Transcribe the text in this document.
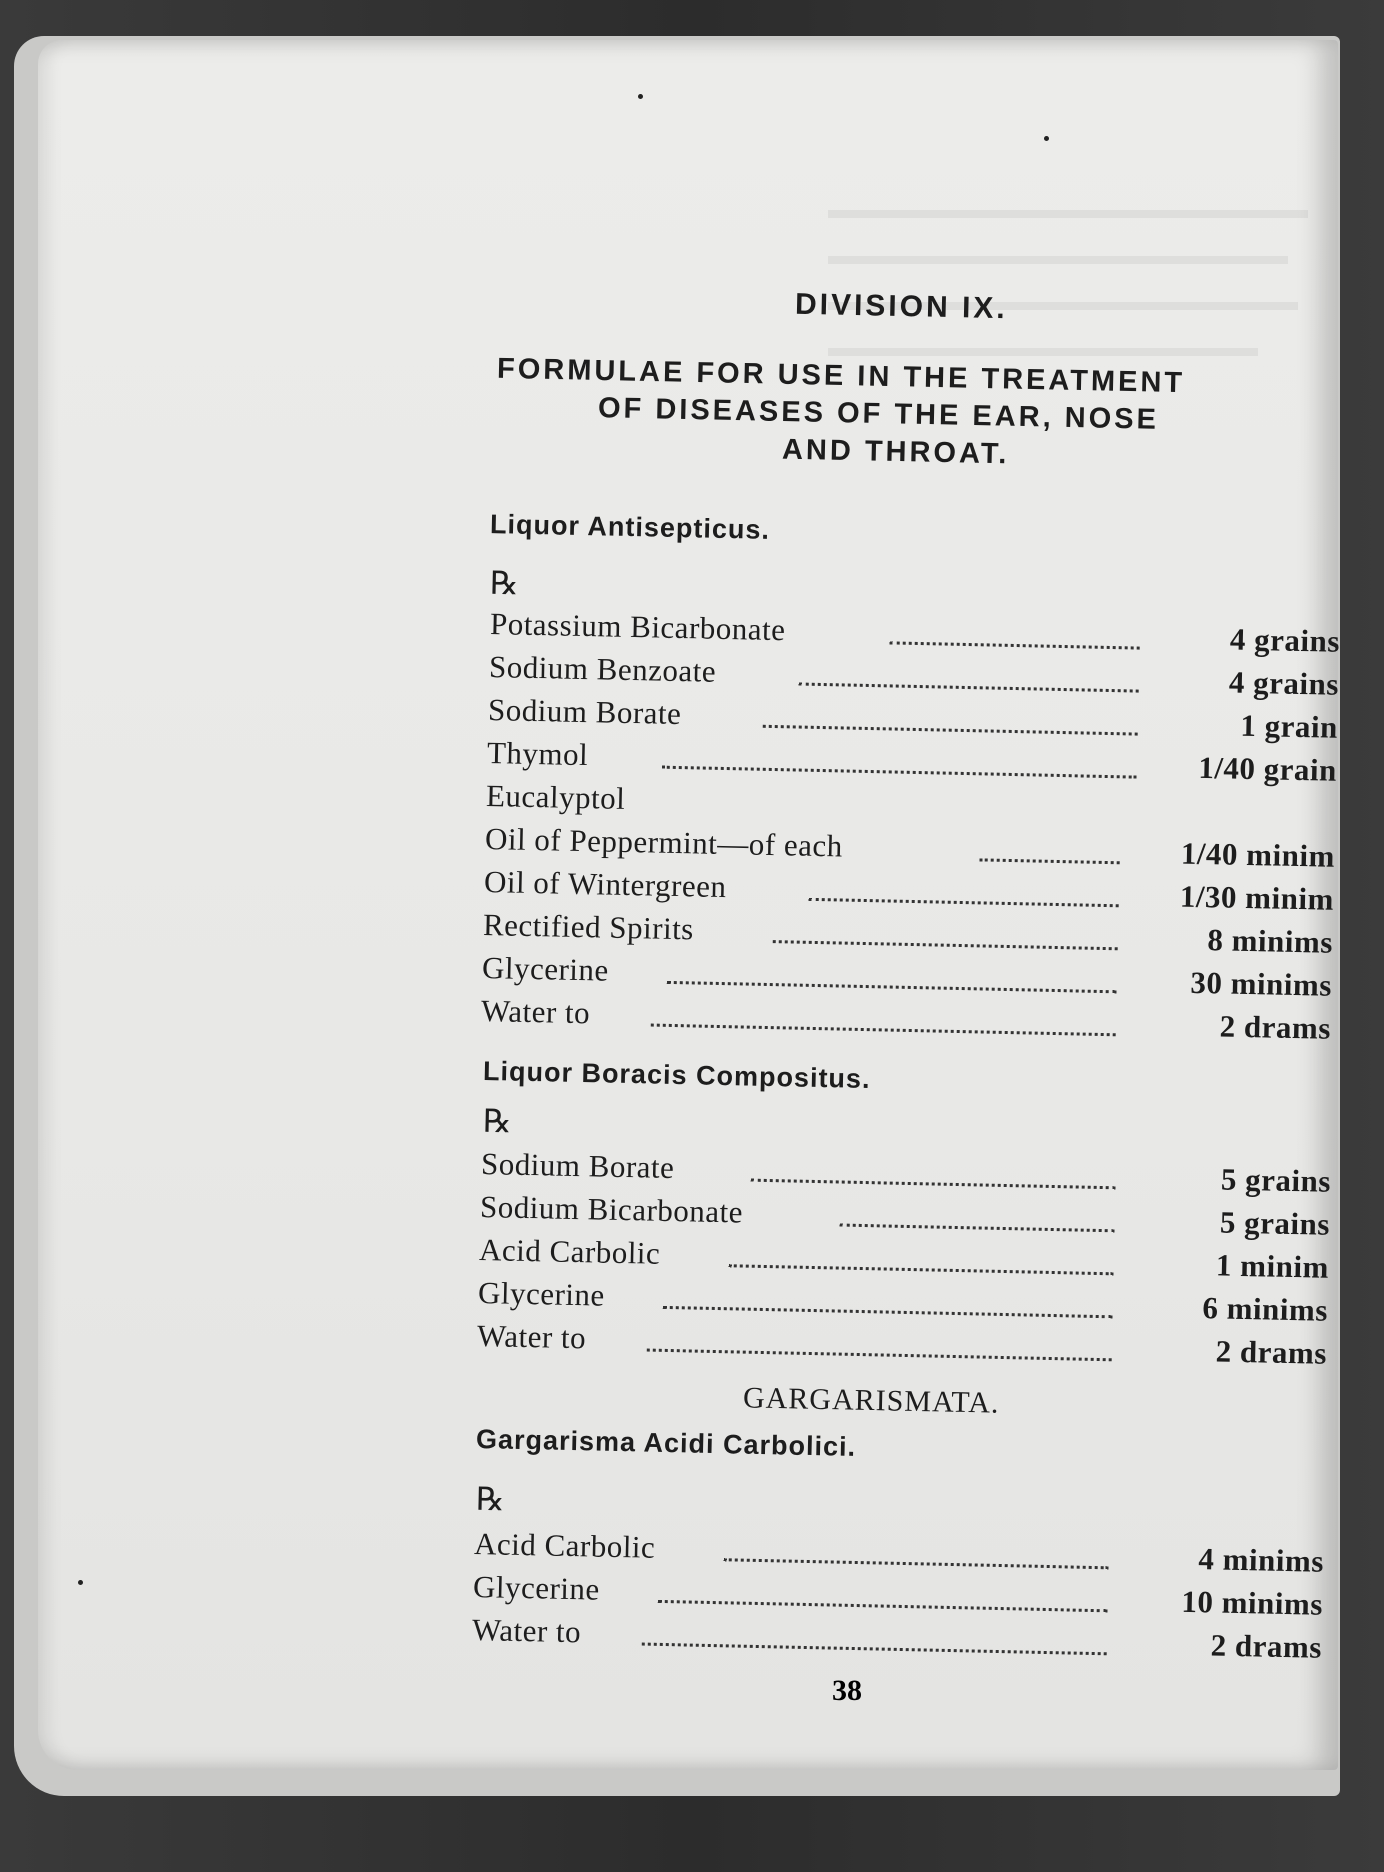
DIVISION IX.
FORMULAE FOR USE IN THE TREATMENT
OF DISEASES OF THE EAR, NOSE
AND THROAT.
Liquor Antisepticus.
℞
Potassium Bicarbonate	4 grains
Sodium Benzoate	4 grains
Sodium Borate	1 grain
Thymol	1/40 grain
Eucalyptol
Oil of Peppermint—of each	1/40 minim
Oil of Wintergreen	1/30 minim
Rectified Spirits	8 minims
Glycerine	30 minims
Water to	2 drams
Liquor Boracis Compositus.
℞
Sodium Borate	5 grains
Sodium Bicarbonate	5 grains
Acid Carbolic	1 minim
Glycerine	6 minims
Water to	2 drams
GARGARISMATA.
Gargarisma Acidi Carbolici.
℞
Acid Carbolic	4 minims
Glycerine	10 minims
Water to	2 drams
38
